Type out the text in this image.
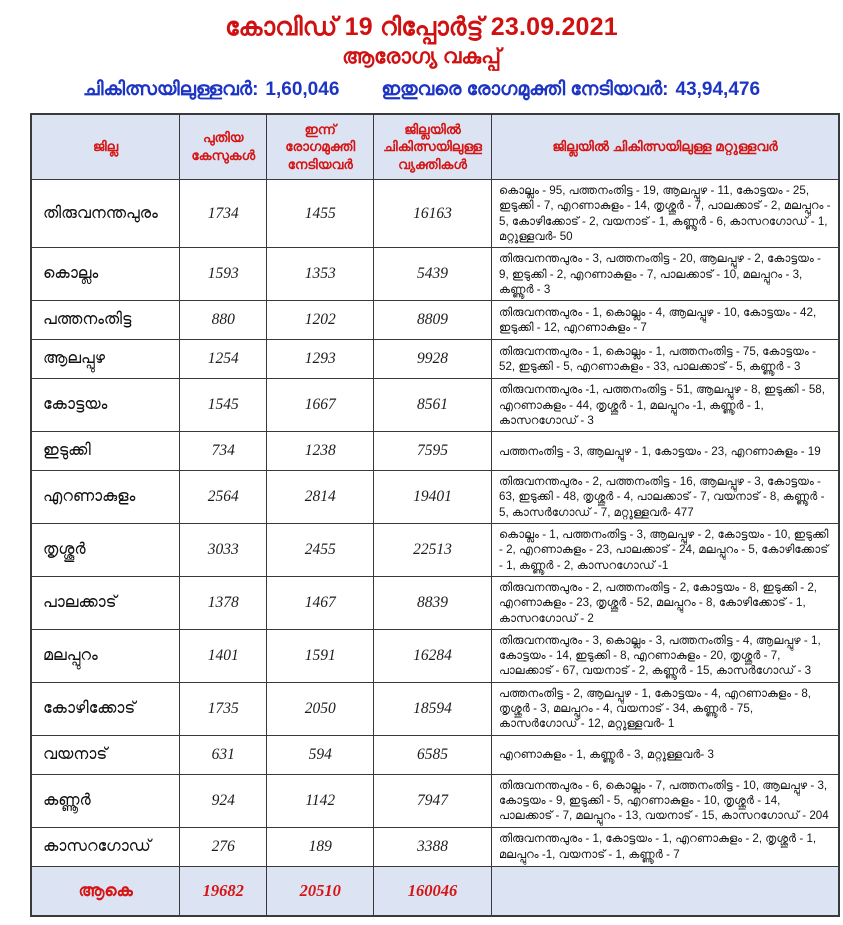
കോവിഡ് 19 റിപ്പോർട്ട് 23.09.2021
ആരോഗ്യ വകുപ്പ്
ചികിത്സയിലുള്ളവർ: 1,60,046 ഇതുവരെ രോഗമുക്തി നേടിയവർ: 43,94,476
ജില്ല	പുതിയ കേസുകൾ	ഇന്ന് രോഗമുക്തി നേടിയവർ	ജില്ലയിൽ ചികിത്സയിലുള്ള വ്യക്തികൾ	ജില്ലയിൽ ചികിത്സയിലുള്ള മറ്റുള്ളവർ
തിരുവനന്തപുരം	1734	1455	16163	കൊല്ലം - 95, പത്തനംതിട്ട - 19, ആലപ്പുഴ - 11, കോട്ടയം - 25, ഇടുക്കി - 7, എറണാകുളം - 14, തൃശ്ശൂർ - 7, പാലക്കാട് - 2, മലപ്പുറം - 5, കോഴിക്കോട് - 2, വയനാട് - 1, കണ്ണൂർ - 6, കാസറഗോഡ് - 1, മറ്റുള്ളവർ- 50
കൊല്ലം	1593	1353	5439	തിരുവനന്തപുരം - 3, പത്തനംതിട്ട - 20, ആലപ്പുഴ - 2, കോട്ടയം - 9, ഇടുക്കി - 2, എറണാകുളം - 7, പാലക്കാട് - 10, മലപ്പുറം - 3, കണ്ണൂർ - 3
പത്തനംതിട്ട	880	1202	8809	തിരുവനന്തപുരം - 1, കൊല്ലം - 4, ആലപ്പുഴ - 10, കോട്ടയം - 42, ഇടുക്കി - 12, എറണാകുളം - 7
ആലപ്പുഴ	1254	1293	9928	തിരുവനന്തപുരം - 1, കൊല്ലം - 1, പത്തനംതിട്ട - 75, കോട്ടയം - 52, ഇടുക്കി - 5, എറണാകുളം - 33, പാലക്കാട് - 5, കണ്ണൂർ - 3
കോട്ടയം	1545	1667	8561	തിരുവനന്തപുരം -1, പത്തനംതിട്ട - 51, ആലപ്പുഴ - 8, ഇടുക്കി - 58, എറണാകുളം - 44, തൃശ്ശൂർ - 1, മലപ്പുറം -1, കണ്ണൂർ - 1, കാസറഗോഡ് - 3
ഇടുക്കി	734	1238	7595	പത്തനംതിട്ട - 3, ആലപ്പുഴ - 1, കോട്ടയം - 23, എറണാകുളം - 19
എറണാകുളം	2564	2814	19401	തിരുവനന്തപുരം - 2, പത്തനംതിട്ട - 16, ആലപ്പുഴ - 3, കോട്ടയം - 63, ഇടുക്കി - 48, തൃശ്ശൂർ - 4, പാലക്കാട് - 7, വയനാട് - 8, കണ്ണൂർ - 5, കാസർഗോഡ് - 7, മറ്റുള്ളവർ- 477
തൃശ്ശൂർ	3033	2455	22513	കൊല്ലം - 1, പത്തനംതിട്ട - 3, ആലപ്പുഴ - 2, കോട്ടയം - 10, ഇടുക്കി - 2, എറണാകുളം - 23, പാലക്കാട് - 24, മലപ്പുറം - 5, കോഴിക്കോട് - 1, കണ്ണൂർ - 2, കാസറഗോഡ് -1
പാലക്കാട്	1378	1467	8839	തിരുവനന്തപുരം - 2, പത്തനംതിട്ട - 2, കോട്ടയം - 8, ഇടുക്കി - 2, എറണാകുളം - 23, തൃശ്ശൂർ - 52, മലപ്പുറം - 8, കോഴിക്കോട് - 1, കാസറഗോഡ് - 2
മലപ്പുറം	1401	1591	16284	തിരുവനന്തപുരം - 3, കൊല്ലം - 3, പത്തനംതിട്ട - 4, ആലപ്പുഴ - 1, കോട്ടയം - 14, ഇടുക്കി - 8, എറണാകുളം - 20, തൃശ്ശൂർ - 7, പാലക്കാട് - 67, വയനാട് - 2, കണ്ണൂർ - 15, കാസർഗോഡ് - 3
കോഴിക്കോട്	1735	2050	18594	പത്തനംതിട്ട - 2, ആലപ്പുഴ - 1, കോട്ടയം - 4, എറണാകുളം - 8, തൃശ്ശൂർ - 3, മലപ്പുറം - 4, വയനാട് - 34, കണ്ണൂർ - 75, കാസർഗോഡ് - 12, മറ്റുള്ളവർ- 1
വയനാട്	631	594	6585	എറണാകുളം - 1, കണ്ണൂർ - 3, മറ്റുള്ളവർ- 3
കണ്ണൂർ	924	1142	7947	തിരുവനന്തപുരം - 6, കൊല്ലം - 7, പത്തനംതിട്ട - 10, ആലപ്പുഴ - 3, കോട്ടയം - 9, ഇടുക്കി - 5, എറണാകുളം - 10, തൃശ്ശൂർ - 14, പാലക്കാട് - 7, മലപ്പുറം - 13, വയനാട് - 15, കാസറഗോഡ് - 204
കാസറഗോഡ്	276	189	3388	തിരുവനന്തപുരം - 1, കോട്ടയം - 1, എറണാകുളം - 2, തൃശ്ശൂർ - 1, മലപ്പുറം -1, വയനാട് - 1, കണ്ണൂർ - 7
ആകെ	19682	20510	160046	
